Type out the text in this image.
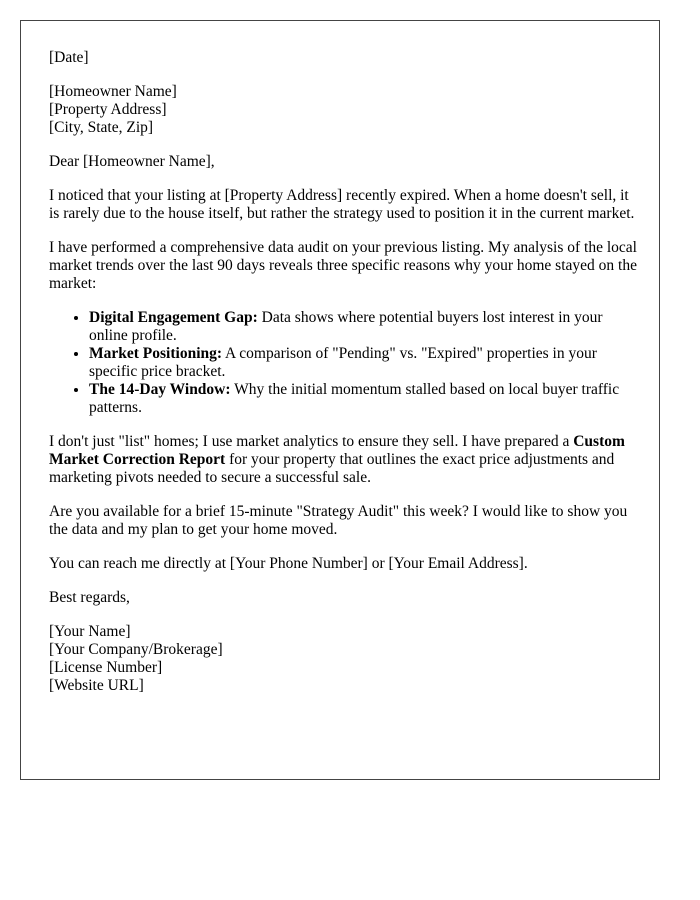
[Date]

[Homeowner Name]
[Property Address]
[City, State, Zip]

Dear [Homeowner Name],

I noticed that your listing at [Property Address] recently expired. When a home doesn't sell, it is rarely due to the house itself, but rather the strategy used to position it in the current market.

I have performed a comprehensive data audit on your previous listing. My analysis of the local market trends over the last 90 days reveals three specific reasons why your home stayed on the market:

• Digital Engagement Gap: Data shows where potential buyers lost interest in your online profile.
• Market Positioning: A comparison of "Pending" vs. "Expired" properties in your specific price bracket.
• The 14-Day Window: Why the initial momentum stalled based on local buyer traffic patterns.

I don't just "list" homes; I use market analytics to ensure they sell. I have prepared a Custom Market Correction Report for your property that outlines the exact price adjustments and marketing pivots needed to secure a successful sale.

Are you available for a brief 15-minute "Strategy Audit" this week? I would like to show you the data and my plan to get your home moved.

You can reach me directly at [Your Phone Number] or [Your Email Address].

Best regards,

[Your Name]
[Your Company/Brokerage]
[License Number]
[Website URL]
